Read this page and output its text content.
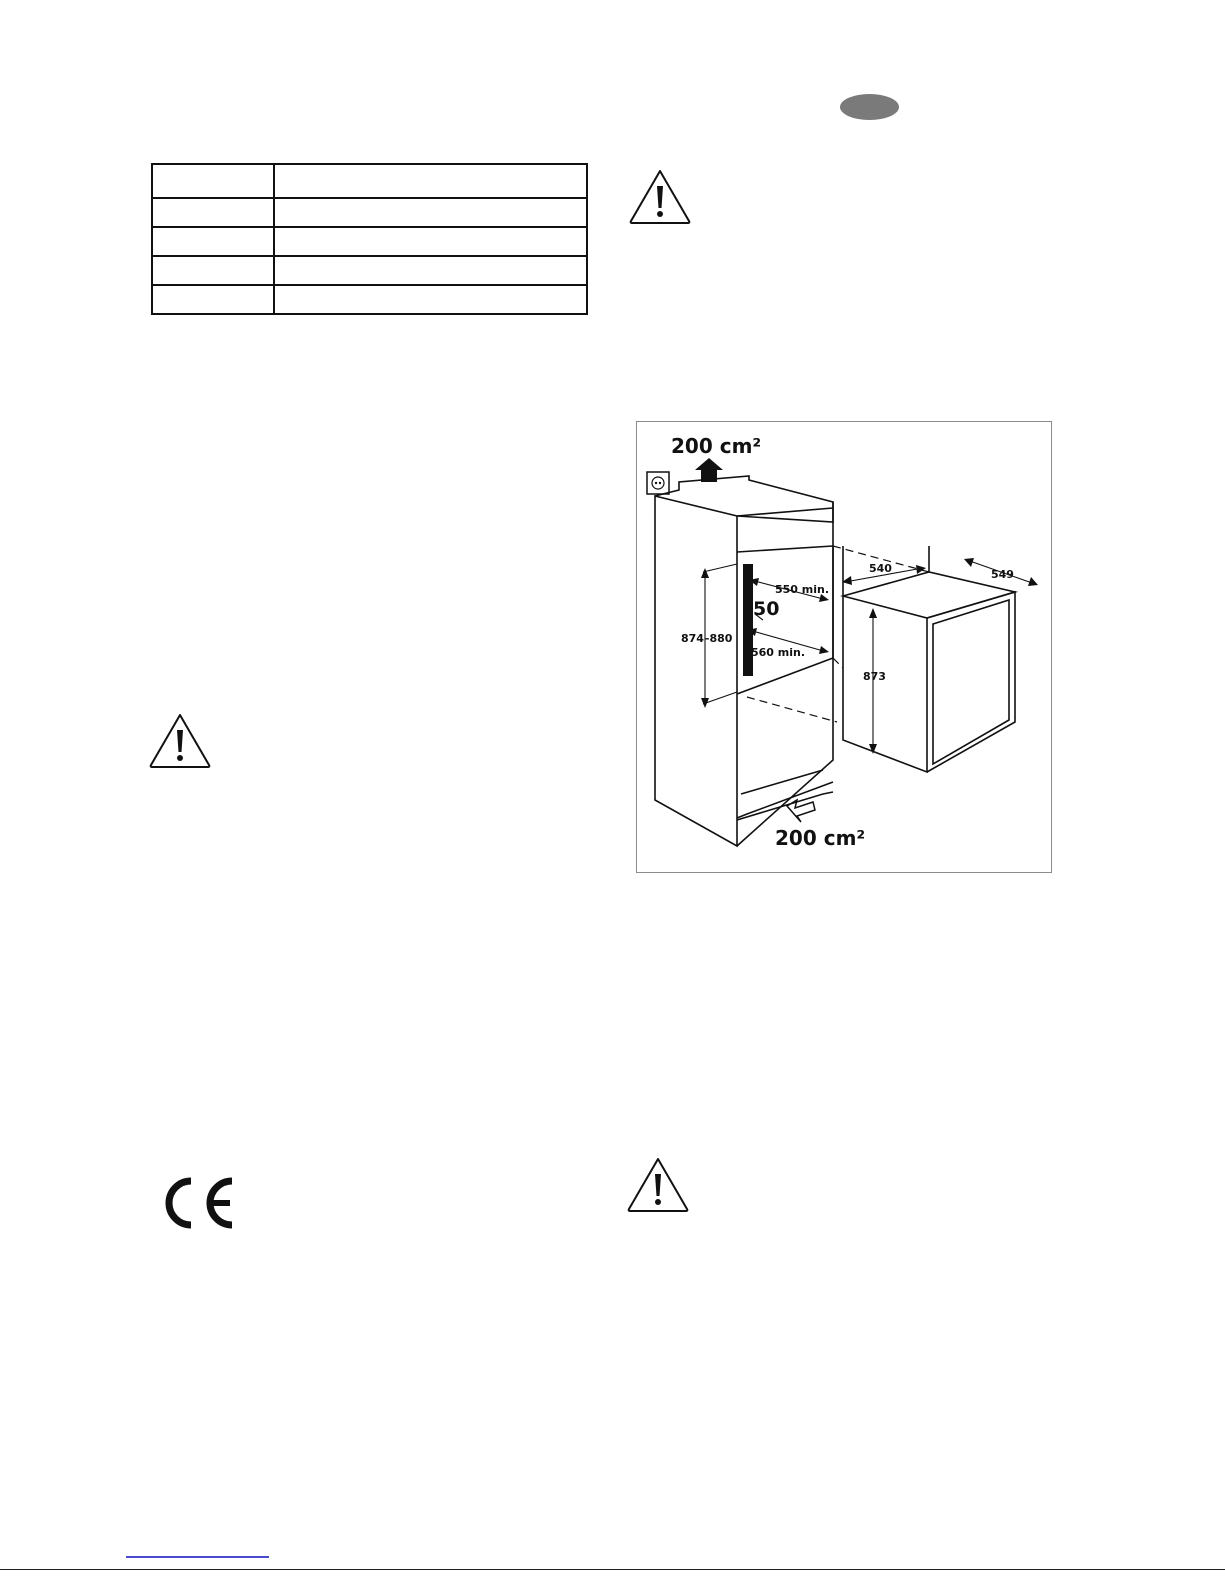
200 cm²
874–880
550 min.
50
560 min.
873
540	549
200 cm²
